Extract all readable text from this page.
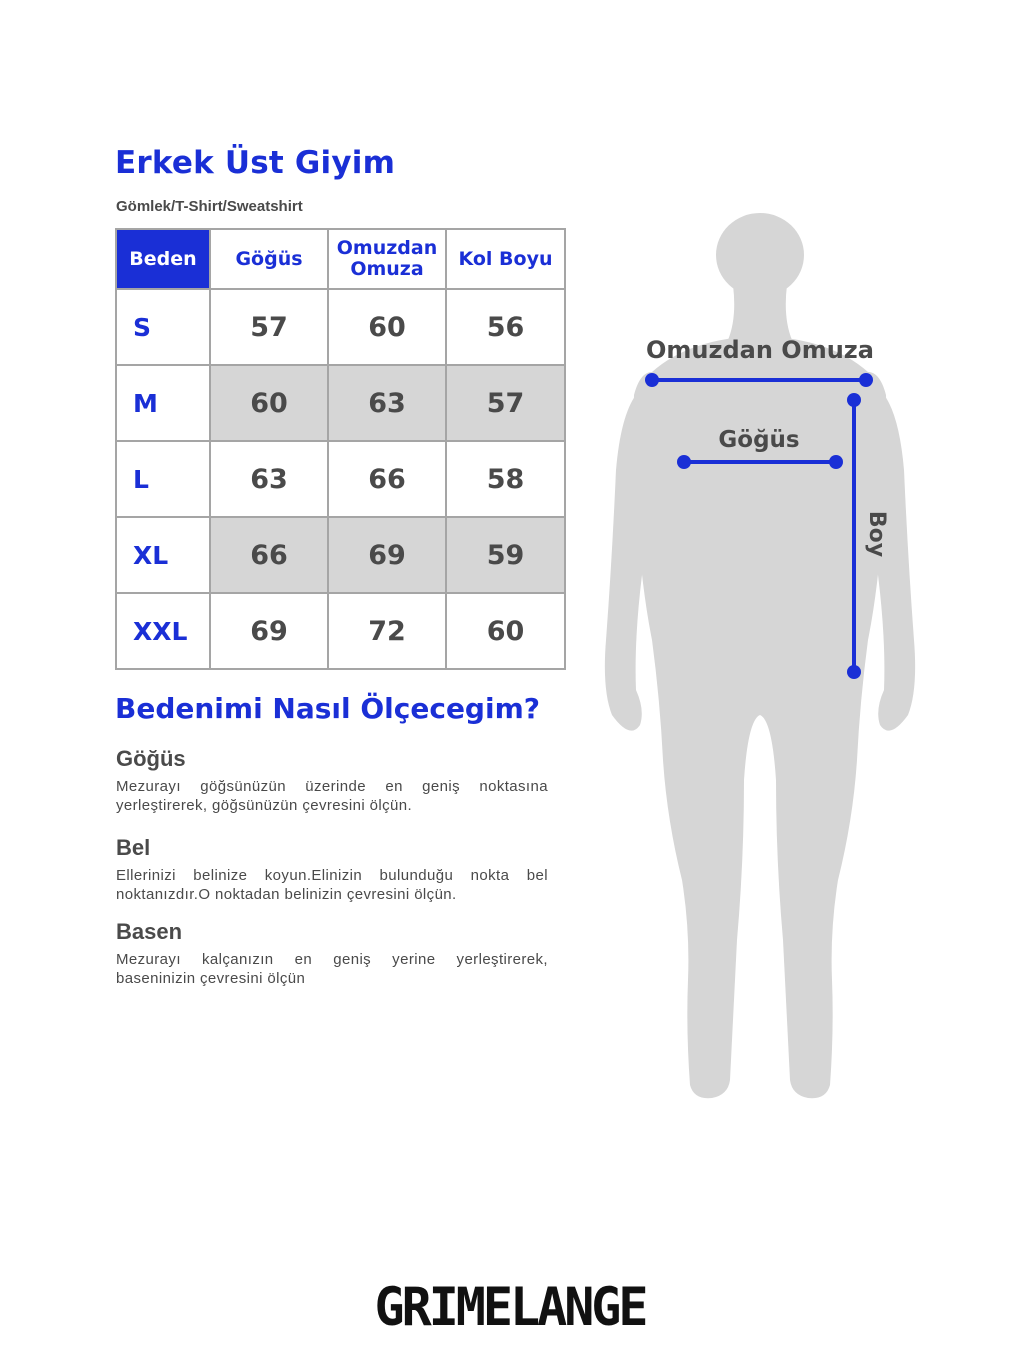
Erkek Üst Giyim
Gömlek/T-Shirt/Sweatshirt
Beden	Göğüs	Omuzdan Omuza	Kol Boyu
S	57	60	56
M	60	63	57
L	63	66	58
XL	66	69	59
XXL	69	72	60
Bedenimi Nasıl Ölçecegim?
Göğüs

Mezurayı göğsünüzün üzerinde en geniş noktasına yerleştirerek, göğsünüzün çevresini ölçün.

Bel

Ellerinizi belinize koyun.Elinizin bulunduğu nokta bel noktanızdır.O noktadan belinizin çevresini ölçün.

Basen

Mezurayı kalçanızın en geniş yerine yerleştirerek, baseninizin çevresini ölçün

Omuzdan Omuza
Göğüs
Boy
GRIMELANGE
